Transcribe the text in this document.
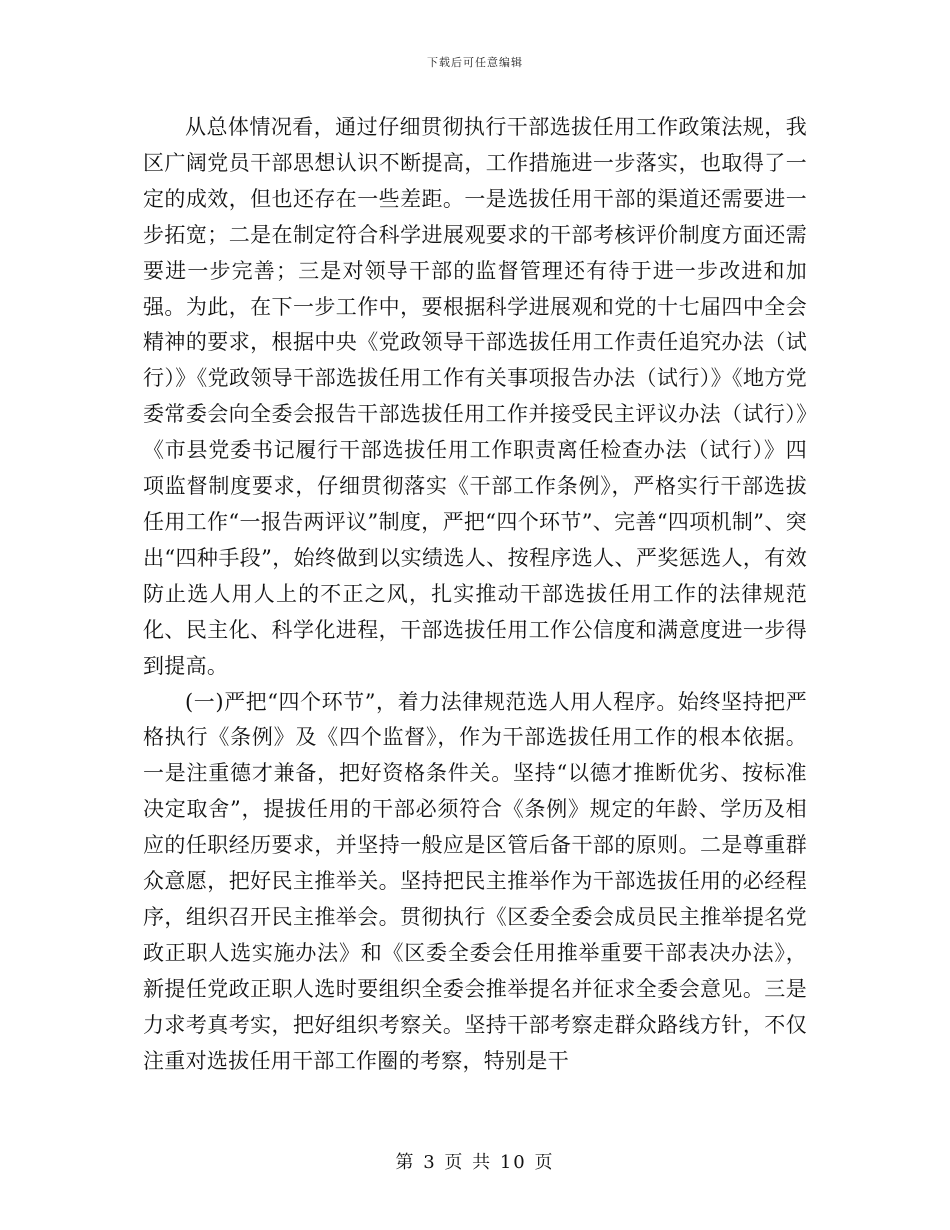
下载后可任意编辑

从总体情况看，通过仔细贯彻执行干部选拔任用工作政策法规，我区广阔党员干部思想认识不断提高，工作措施进一步落实，也取得了一定的成效，但也还存在一些差距。一是选拔任用干部的渠道还需要进一步拓宽；二是在制定符合科学进展观要求的干部考核评价制度方面还需要进一步完善；三是对领导干部的监督管理还有待于进一步改进和加强。为此，在下一步工作中，要根据科学进展观和党的十七届四中全会精神的要求，根据中央《党政领导干部选拔任用工作责任追究办法（试行）》《党政领导干部选拔任用工作有关事项报告办法（试行）》《地方党委常委会向全委会报告干部选拔任用工作并接受民主评议办法（试行）》《市县党委书记履行干部选拔任用工作职责离任检查办法（试行）》四项监督制度要求，仔细贯彻落实《干部工作条例》，严格实行干部选拔任用工作“一报告两评议”制度，严把“四个环节”、完善“四项机制”、突出“四种手段”，始终做到以实绩选人、按程序选人、严奖惩选人，有效防止选人用人上的不正之风，扎实推动干部选拔任用工作的法律规范化、民主化、科学化进程，干部选拔任用工作公信度和满意度进一步得到提高。

(一)严把“四个环节”，着力法律规范选人用人程序。始终坚持把严格执行《条例》及《四个监督》，作为干部选拔任用工作的根本依据。一是注重德才兼备，把好资格条件关。坚持“以德才推断优劣、按标准决定取舍”，提拔任用的干部必须符合《条例》规定的年龄、学历及相应的任职经历要求，并坚持一般应是区管后备干部的原则。二是尊重群众意愿，把好民主推举关。坚持把民主推举作为干部选拔任用的必经程序，组织召开民主推举会。贯彻执行《区委全委会成员民主推举提名党政正职人选实施办法》和《区委全委会任用推举重要干部表决办法》，新提任党政正职人选时要组织全委会推举提名并征求全委会意见。三是力求考真考实，把好组织考察关。坚持干部考察走群众路线方针，不仅注重对选拔任用干部工作圈的考察，特别是干

第 3 页 共 10 页
